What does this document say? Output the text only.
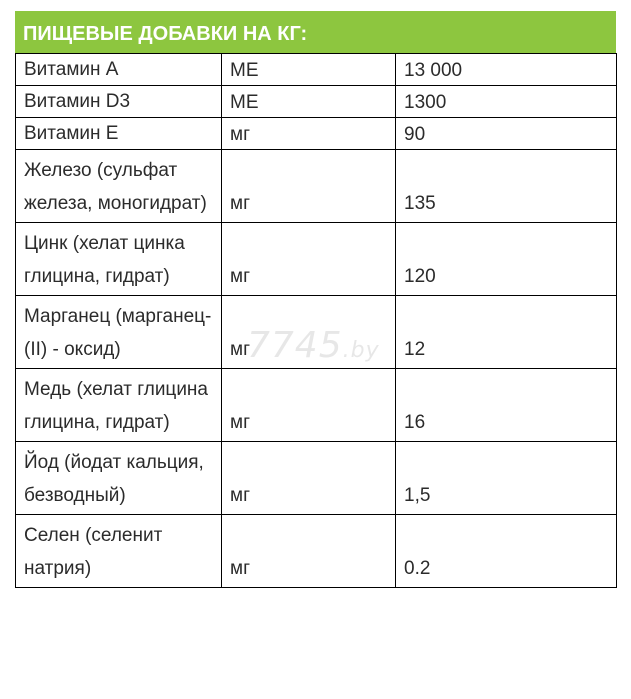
ПИЩЕВЫЕ ДОБАВКИ НА КГ:
Витамин A	ME	13 000
Витамин D3	ME	1300
Витамин E	мг	90
Железо (сульфат железа, моногидрат)	мг	135
Цинк (хелат цинка глицина, гидрат)	мг	120
Марганец (марганец-(II) - оксид)	мг	12
Медь (хелат глицина глицина, гидрат)	мг	16
Йод (йодат кальция, безводный)	мг	1,5
Селен (селенит натрия)	мг	0.2
7745.by
